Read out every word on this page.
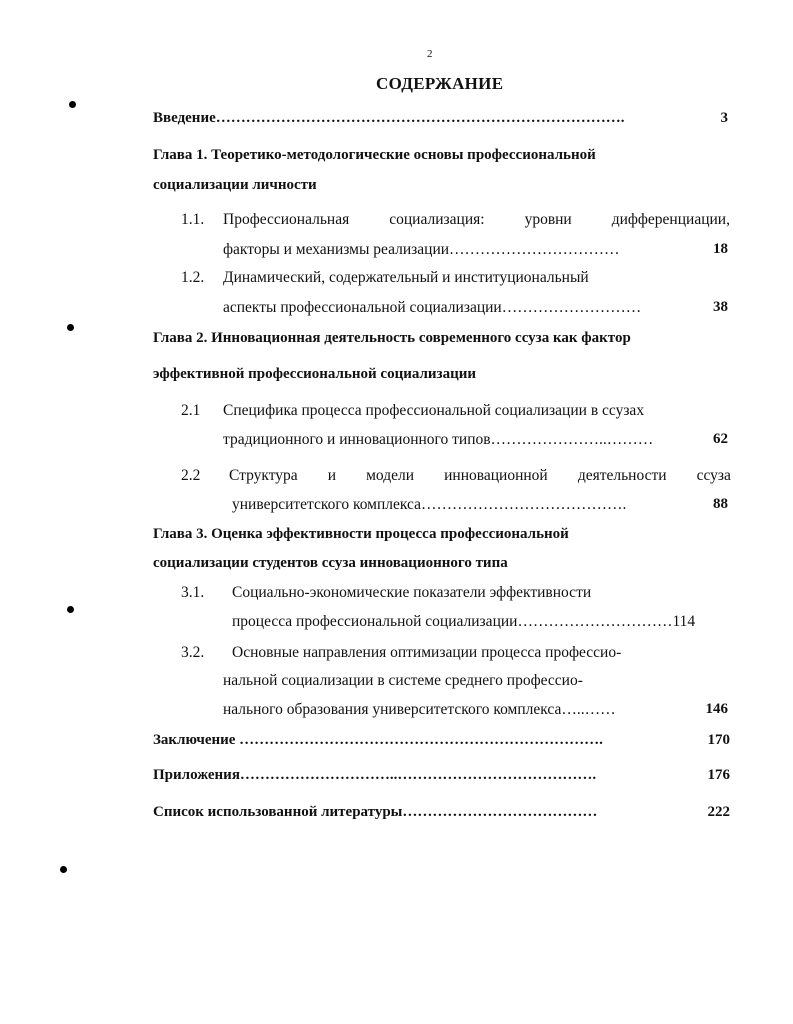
2
СОДЕРЖАНИЕ
Введение……………………………………………………………………….	3
Глава 1. Теоретико-методологические основы профессиональной
социализации личности
1.1. Профессиональная	социализация:	уровни	дифференциации,
факторы и механизмы реализации……………………………	18
1.2. Динамический, содержательный и институциональный
аспекты профессиональной социализации………………………	38
Глава 2. Инновационная деятельность современного ссуза как фактор
эффективной профессиональной социализации
2.1 Специфика процесса профессиональной социализации в ссузах
традиционного и инновационного типов…………………..………	62
2.2 Структура и модели инновационной деятельности ссуза
университетского комплекса………………………………….	88
Глава 3. Оценка эффективности процесса профессиональной
социализации студентов ссуза инновационного типа
3.1. Социально-экономические показатели эффективности
процесса профессиональной социализации…………………………114
3.2. Основные направления оптимизации процесса профессио-
нальной социализации в системе среднего профессио-
нального образования университетского комплекса…..……	146
Заключение ……………………………………………………………….	170
Приложения…………………………..………………………………….	176
Список использованной литературы…………………………………	222
